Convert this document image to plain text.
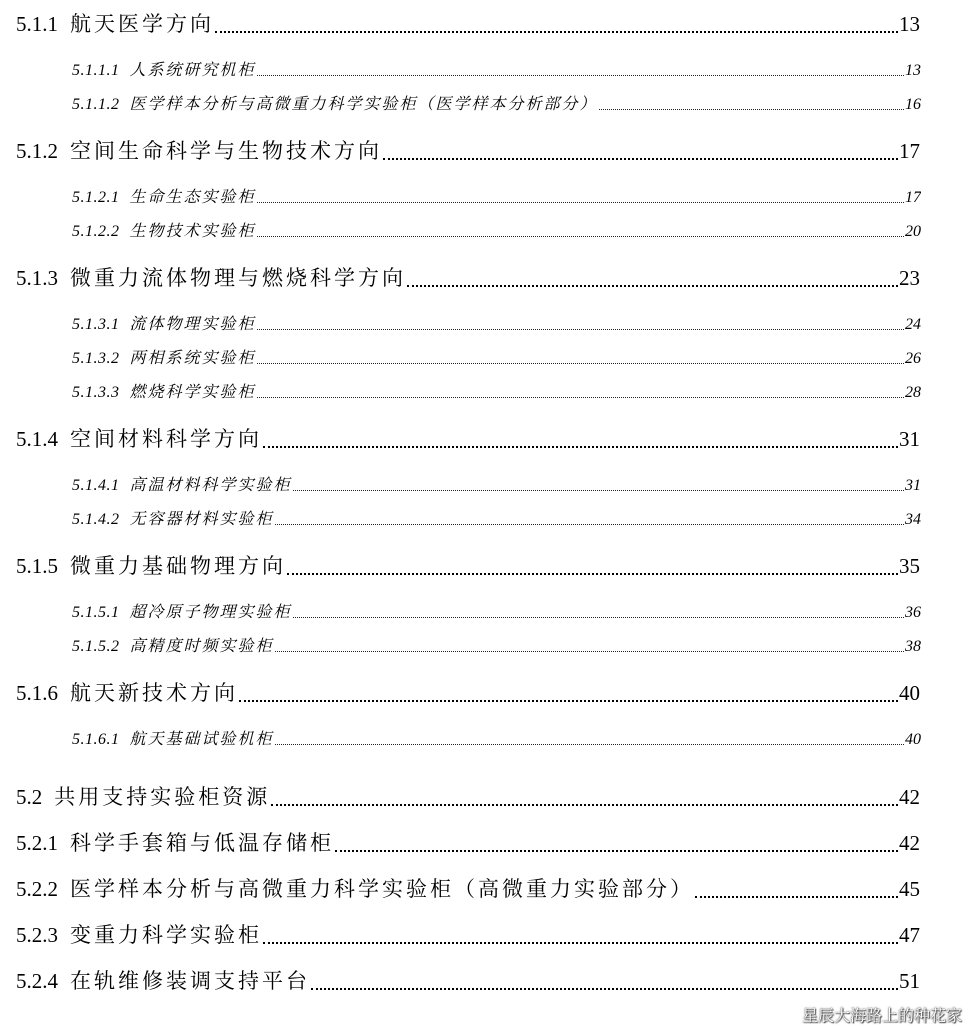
5.1.1 航天医学方向	13
5.1.1.1 人系统研究机柜	13
5.1.1.2 医学样本分析与高微重力科学实验柜（医学样本分析部分）	16
5.1.2 空间生命科学与生物技术方向	17
5.1.2.1 生命生态实验柜	17
5.1.2.2 生物技术实验柜	20
5.1.3 微重力流体物理与燃烧科学方向	23
5.1.3.1 流体物理实验柜	24
5.1.3.2 两相系统实验柜	26
5.1.3.3 燃烧科学实验柜	28
5.1.4 空间材料科学方向	31
5.1.4.1 高温材料科学实验柜	31
5.1.4.2 无容器材料实验柜	34
5.1.5 微重力基础物理方向	35
5.1.5.1 超冷原子物理实验柜	36
5.1.5.2 高精度时频实验柜	38
5.1.6 航天新技术方向	40
5.1.6.1 航天基础试验机柜	40
5.2 共用支持实验柜资源	42
5.2.1 科学手套箱与低温存储柜	42
5.2.2 医学样本分析与高微重力科学实验柜（高微重力实验部分）	45
5.2.3 变重力科学实验柜	47
5.2.4 在轨维修装调支持平台	51
星辰大海路上的种花家
